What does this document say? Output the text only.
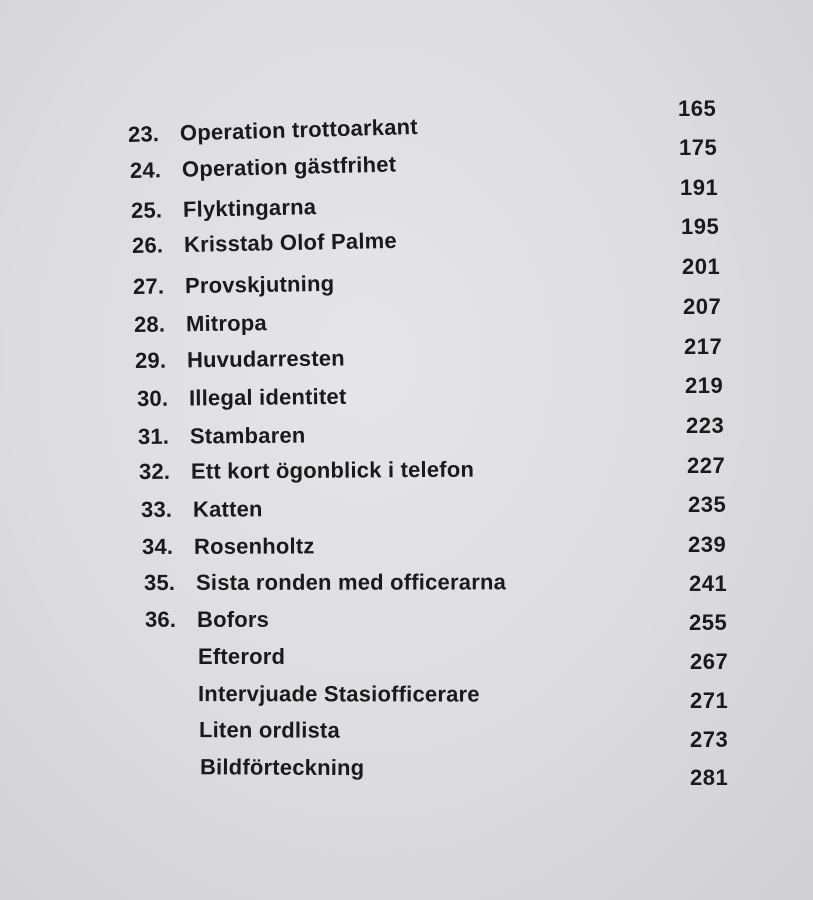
23. Operation trottoarkant
24. Operation gästfrihet
25. Flyktingarna
26. Krisstab Olof Palme
27. Provskjutning
28. Mitropa
29. Huvudarresten
30. Illegal identitet
31. Stambaren
32. Ett kort ögonblick i telefon
33. Katten
34. Rosenholtz
35. Sista ronden med officerarna
36. Bofors
Efterord
Intervjuade Stasiofficerare
Liten ordlista
Bildförteckning
165
175
191
195
201
207
217
219
223
227
235
239
241
255
267
271
273
281
